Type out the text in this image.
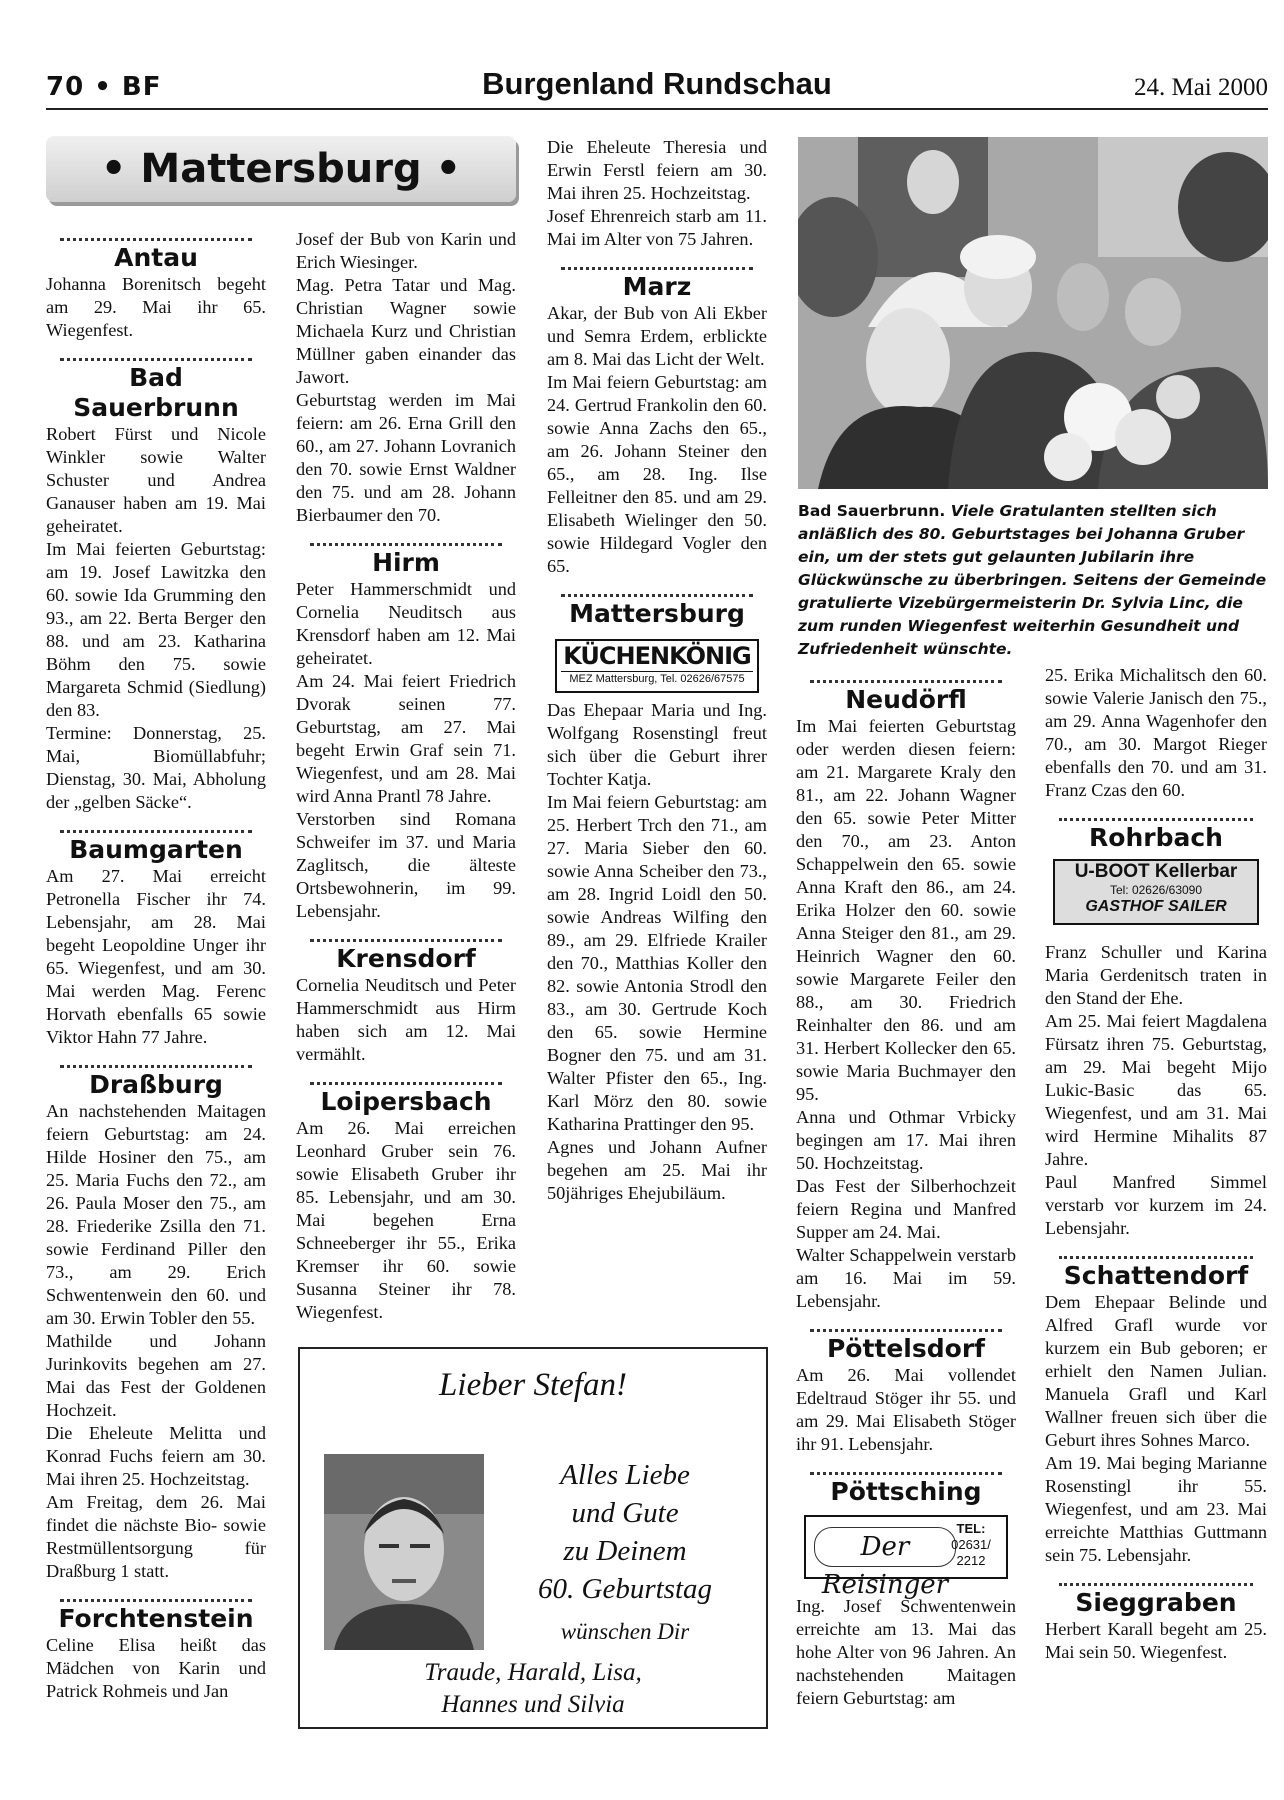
70 • BF	Burgenland Rundschau	24. Mai 2000
• Mattersburg •
Antau

Johanna Borenitsch begeht am 29. Mai ihr 65. Wiegenfest.

Bad Sauerbrunn

Robert Fürst und Nicole Winkler sowie Walter Schuster und Andrea Ganauser haben am 19. Mai geheiratet.

Im Mai feierten Geburtstag: am 19. Josef Lawitzka den 60. sowie Ida Grumming den 93., am 22. Berta Berger den 88. und am 23. Katharina Böhm den 75. sowie Margareta Schmid (Siedlung) den 83.

Termine: Donnerstag, 25. Mai, Biomüllabfuhr; Dienstag, 30. Mai, Abholung der „gelben Säcke“.

Baumgarten

Am 27. Mai erreicht Petronella Fischer ihr 74. Lebensjahr, am 28. Mai begeht Leopoldine Unger ihr 65. Wiegenfest, und am 30. Mai werden Mag. Ferenc Horvath ebenfalls 65 sowie Viktor Hahn 77 Jahre.

Draßburg

An nachstehenden Maitagen feiern Geburtstag: am 24. Hilde Hosiner den 75., am 25. Maria Fuchs den 72., am 26. Paula Moser den 75., am 28. Friederike Zsilla den 71. sowie Ferdinand Piller den 73., am 29. Erich Schwentenwein den 60. und am 30. Erwin Tobler den 55.

Mathilde und Johann Jurinkovits begehen am 27. Mai das Fest der Goldenen Hochzeit.

Die Eheleute Melitta und Konrad Fuchs feiern am 30. Mai ihren 25. Hochzeitstag.

Am Freitag, dem 26. Mai findet die nächste Bio- sowie Restmüllentsorgung für Draßburg 1 statt.

Forchtenstein

Celine Elisa heißt das Mädchen von Karin und Patrick Rohmeis und Jan

Josef der Bub von Karin und Erich Wiesinger.

Mag. Petra Tatar und Mag. Christian Wagner sowie Michaela Kurz und Christian Müllner gaben einander das Jawort.

Geburtstag werden im Mai feiern: am 26. Erna Grill den 60., am 27. Johann Lovranich den 70. sowie Ernst Waldner den 75. und am 28. Johann Bierbaumer den 70.

Hirm

Peter Hammerschmidt und Cornelia Neuditsch aus Krensdorf haben am 12. Mai geheiratet.

Am 24. Mai feiert Friedrich Dvorak seinen 77. Geburtstag, am 27. Mai begeht Erwin Graf sein 71. Wiegenfest, und am 28. Mai wird Anna Prantl 78 Jahre.

Verstorben sind Romana Schweifer im 37. und Maria Zaglitsch, die älteste Ortsbewohnerin, im 99. Lebensjahr.

Krensdorf

Cornelia Neuditsch und Peter Hammerschmidt aus Hirm haben sich am 12. Mai vermählt.

Loipersbach

Am 26. Mai erreichen Leonhard Gruber sein 76. sowie Elisabeth Gruber ihr 85. Lebensjahr, und am 30. Mai begehen Erna Schneeberger ihr 55., Erika Kremser ihr 60. sowie Susanna Steiner ihr 78. Wiegenfest.

Die Eheleute Theresia und Erwin Ferstl feiern am 30. Mai ihren 25. Hochzeitstag.

Josef Ehrenreich starb am 11. Mai im Alter von 75 Jahren.

Marz

Akar, der Bub von Ali Ekber und Semra Erdem, erblickte am 8. Mai das Licht der Welt.

Im Mai feiern Geburtstag: am 24. Gertrud Frankolin den 60. sowie Anna Zachs den 65., am 26. Johann Steiner den 65., am 28. Ing. Ilse Felleitner den 85. und am 29. Elisabeth Wielinger den 50. sowie Hildegard Vogler den 65.

Mattersburg
KÜCHENKÖNIG
MEZ Mattersburg, Tel. 02626/67575

Das Ehepaar Maria und Ing. Wolfgang Rosenstingl freut sich über die Geburt ihrer Tochter Katja.

Im Mai feiern Geburtstag: am 25. Herbert Trch den 71., am 27. Maria Sieber den 60. sowie Anna Scheiber den 73., am 28. Ingrid Loidl den 50. sowie Andreas Wilfing den 89., am 29. Elfriede Krailer den 70., Matthias Koller den 82. sowie Antonia Strodl den 83., am 30. Gertrude Koch den 65. sowie Hermine Bogner den 75. und am 31. Walter Pfister den 65., Ing. Karl Mörz den 80. sowie Katharina Prattinger den 95.

Agnes und Johann Aufner begehen am 25. Mai ihr 50jähriges Ehejubiläum.

Bad Sauerbrunn. Viele Gratulanten stellten sich anläßlich des 80. Geburtstages bei Johanna Gruber ein, um der stets gut gelaunten Jubilarin ihre Glückwünsche zu überbringen. Seitens der Gemeinde gratulierte Vizebürgermeisterin Dr. Sylvia Linc, die zum runden Wiegenfest weiterhin Gesundheit und Zufriedenheit wünschte.
Neudörfl

Im Mai feierten Geburtstag oder werden diesen feiern: am 21. Margarete Kraly den 81., am 22. Johann Wagner den 65. sowie Peter Mitter den 70., am 23. Anton Schappelwein den 65. sowie Anna Kraft den 86., am 24. Erika Holzer den 60. sowie Anna Steiger den 81., am 29. Heinrich Wagner den 60. sowie Margarete Feiler den 88., am 30. Friedrich Reinhalter den 86. und am 31. Herbert Kollecker den 65. sowie Maria Buchmayer den 95.

Anna und Othmar Vrbicky begingen am 17. Mai ihren 50. Hochzeitstag.

Das Fest der Silberhochzeit feiern Regina und Manfred Supper am 24. Mai.

Walter Schappelwein verstarb am 16. Mai im 59. Lebensjahr.

Pöttelsdorf

Am 26. Mai vollendet Edeltraud Stöger ihr 55. und am 29. Mai Elisabeth Stöger ihr 91. Lebensjahr.

Pöttsching
Der Reisinger
TEL:
02631/ 2212

Ing. Josef Schwentenwein erreichte am 13. Mai das hohe Alter von 96 Jahren. An nachstehenden Maitagen feiern Geburtstag: am

25. Erika Michalitsch den 60. sowie Valerie Janisch den 75., am 29. Anna Wagenhofer den 70., am 30. Margot Rieger ebenfalls den 70. und am 31. Franz Czas den 60.

Rohrbach
U-BOOT Kellerbar
Tel: 02626/63090
GASTHOF SAILER

Franz Schuller und Karina Maria Gerdenitsch traten in den Stand der Ehe.

Am 25. Mai feiert Magdalena Fürsatz ihren 75. Geburtstag, am 29. Mai begeht Mijo Lukic-Basic das 65. Wiegenfest, und am 31. Mai wird Hermine Mihalits 87 Jahre.

Paul Manfred Simmel verstarb vor kurzem im 24. Lebensjahr.

Schattendorf

Dem Ehepaar Belinde und Alfred Grafl wurde vor kurzem ein Bub geboren; er erhielt den Namen Julian. Manuela Grafl und Karl Wallner freuen sich über die Geburt ihres Sohnes Marco.

Am 19. Mai beging Marianne Rosenstingl ihr 55. Wiegenfest, und am 23. Mai erreichte Matthias Guttmann sein 75. Lebensjahr.

Sieggraben

Herbert Karall begeht am 25. Mai sein 50. Wiegenfest.

Lieber Stefan!
Alles Liebe
und Gute
zu Deinem
60. Geburtstag
wünschen Dir
Traude, Harald, Lisa,
Hannes und Silvia
